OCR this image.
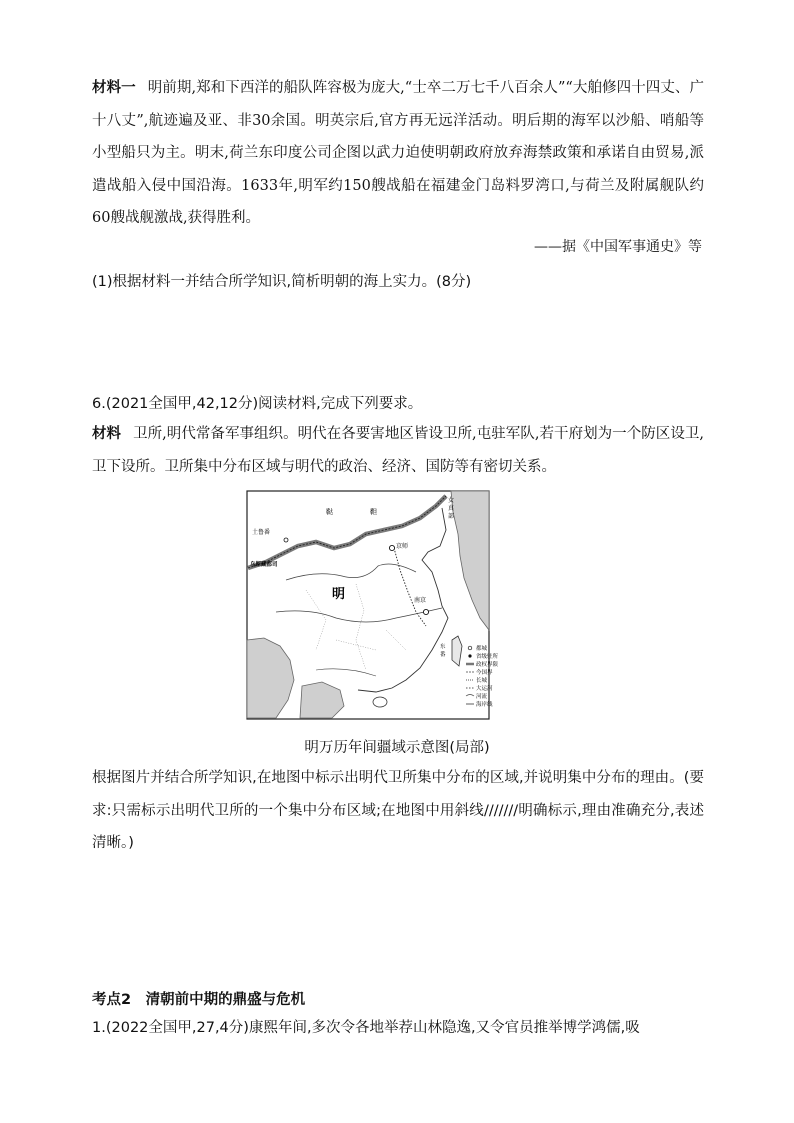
材料一 明前期,郑和下西洋的船队阵容极为庞大,“士卒二万七千八百余人”“大舶修四十四丈、广十八丈”,航迹遍及亚、非30余国。明英宗后,官方再无远洋活动。明后期的海军以沙船、哨船等小型船只为主。明末,荷兰东印度公司企图以武力迫使明朝政府放弃海禁政策和承诺自由贸易,派遣战船入侵中国沿海。1633年,明军约150艘战船在福建金门岛料罗湾口,与荷兰及附属舰队约60艘战舰激战,获得胜利。
——据《中国军事通史》等
(1)根据材料一并结合所学知识,简析明朝的海上实力。(8分)
6.(2021全国甲,42,12分)阅读材料,完成下列要求。
材料 卫所,明代常备军事组织。明代在各要害地区皆设卫所,屯驻军队,若干府划为一个防区设卫,卫下设所。卫所集中分布区域与明代的政治、经济、国防等有密切关系。
鞑	靼
女
真
部
土鲁番
乌斯藏都司
明
京师
南京
东
番
都城
省级驻所
政权界限
今国界
长城
大运河
河流
海岸线
明万历年间疆域示意图(局部)
根据图片并结合所学知识,在地图中标示出明代卫所集中分布的区域,并说明集中分布的理由。(要求:只需标示出明代卫所的一个集中分布区域;在地图中用斜线///////明确标示,理由准确充分,表述清晰。)
考点2　清朝前中期的鼎盛与危机
1.(2022全国甲,27,4分)康熙年间,多次令各地举荐山林隐逸,又令官员推举博学鸿儒,吸
